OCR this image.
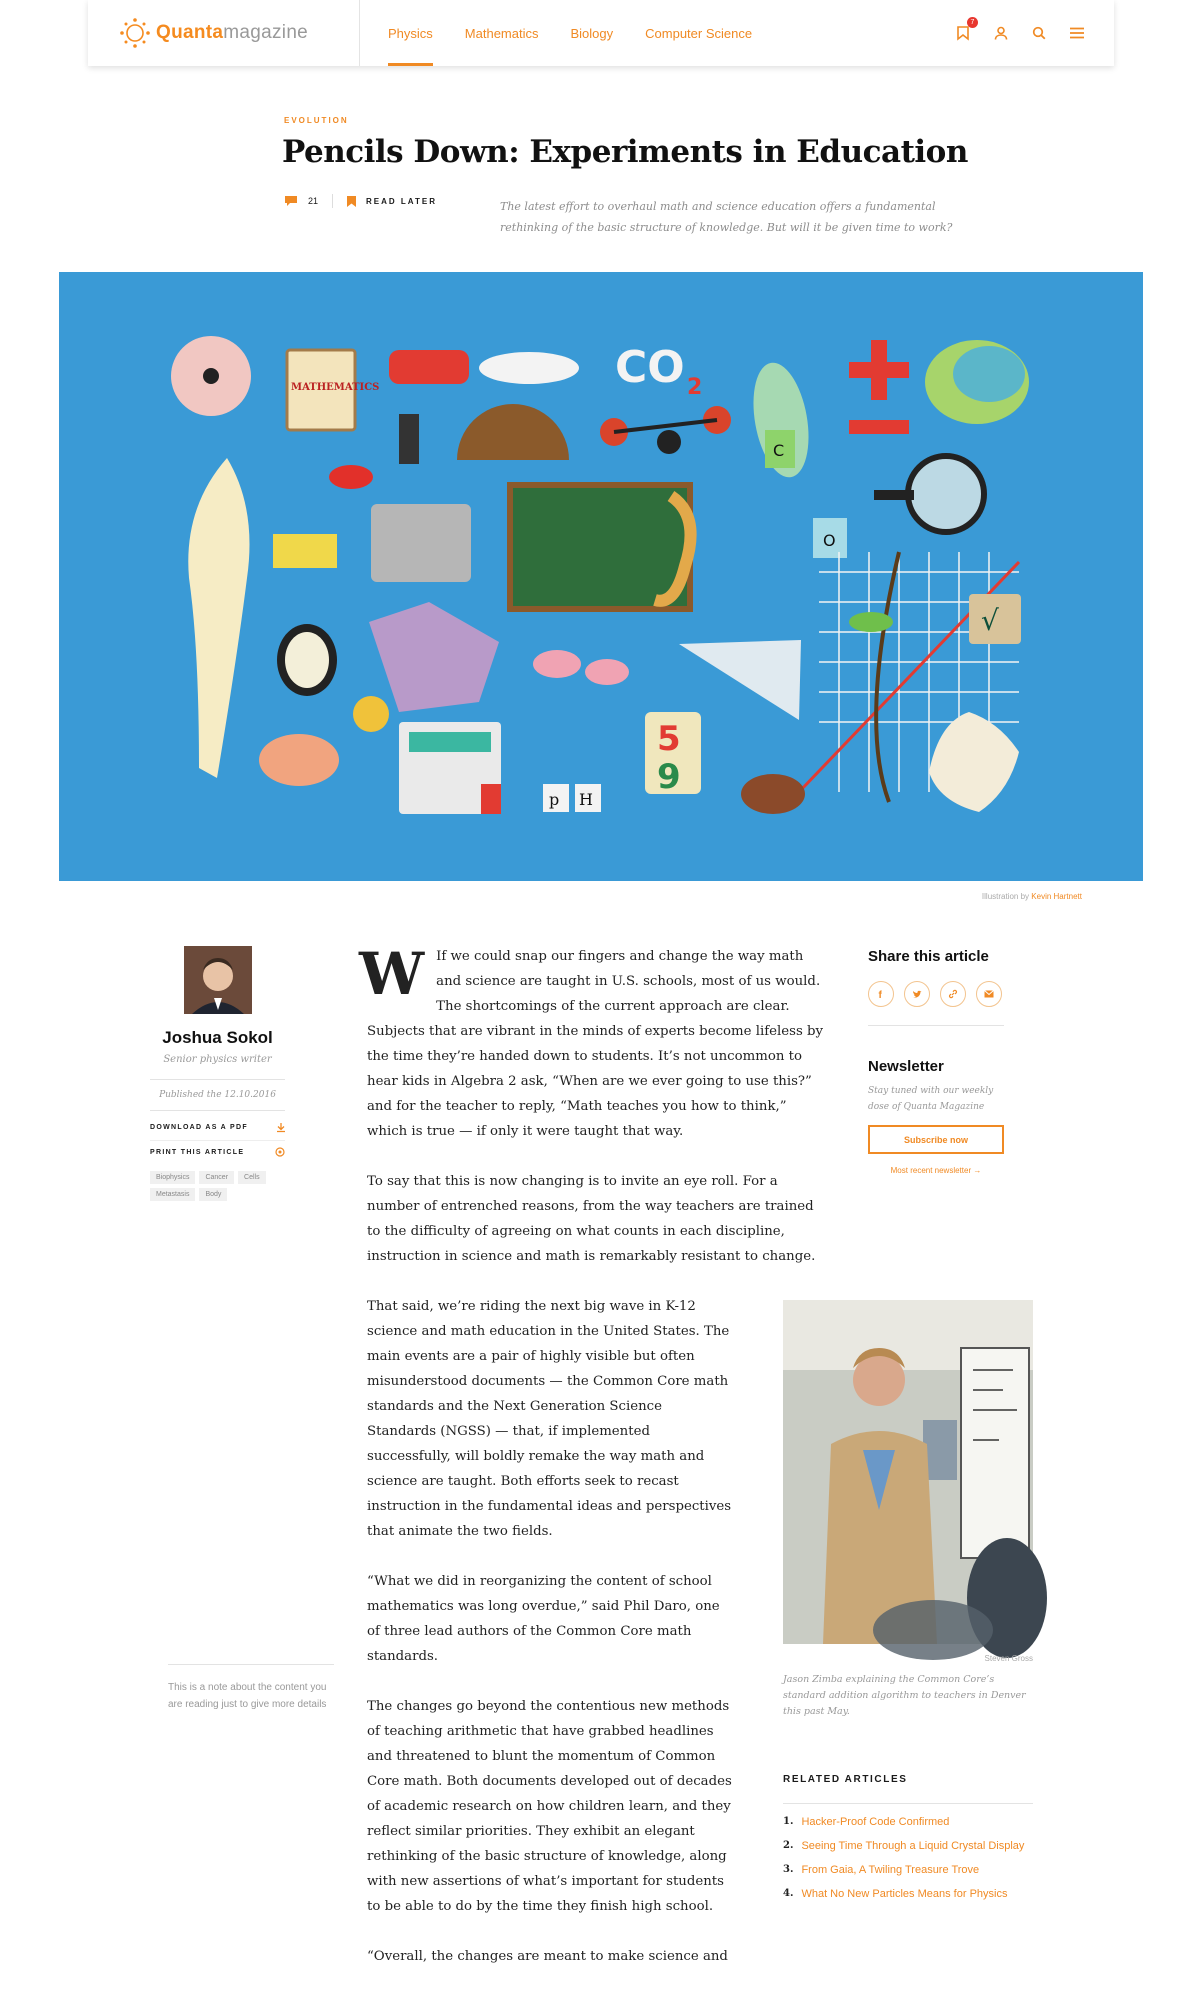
Quantamagazine	Physics Mathematics Biology Computer Science
7
EVOLUTION
Pencils Down: Experiments in Education
21	READ LATER	The latest effort to overhaul math and science education offers a fundamental rethinking of the basic structure of knowledge. But will it be given time to work?

MATHEMATICS	CO 2
C
O
√
p H
5
9
Illustration by Kevin Hartnett
Joshua Sokol
Senior physics writer
Published the 12.10.2016
DOWNLOAD AS A PDF
PRINT THIS ARTICLE
Biophysics	Cancer	Cells
Metastasis	Body
This is a note about the content you are reading just to give more details

W If we could snap our fingers and change the way math and science are taught in U.S. schools, most of us would. The shortcomings of the current approach are clear. Subjects that are vibrant in the minds of experts become lifeless by the time they’re handed down to students. It’s not uncommon to hear kids in Algebra 2 ask, “When are we ever going to use this?” and for the teacher to reply, “Math teaches you how to think,” which is true — if only it were taught that way.

To say that this is now changing is to invite an eye roll. For a number of entrenched reasons, from the way teachers are trained to the difficulty of agreeing on what counts in each discipline, instruction in science and math is remarkably resistant to change.

That said, we’re riding the next big wave in K-12 science and math education in the United States. The main events are a pair of highly visible but often misunderstood documents — the Common Core math standards and the Next Generation Science Standards (NGSS) — that, if implemented successfully, will boldly remake the way math and science are taught. Both efforts seek to recast instruction in the fundamental ideas and perspectives that animate the two fields.

“What we did in reorganizing the content of school mathematics was long overdue,” said Phil Daro, one of three lead authors of the Common Core math standards.

The changes go beyond the contentious new methods of teaching arithmetic that have grabbed headlines and threatened to blunt the momentum of Common Core math. Both documents developed out of decades of academic research on how children learn, and they reflect similar priorities. They exhibit an elegant rethinking of the basic structure of knowledge, along with new assertions of what’s important for students to be able to do by the time they finish high school.

“Overall, the changes are meant to make science and

Share this article
f
Newsletter
Stay tuned with our weekly dose of Quanta Magazine
Subscribe now
Most recent newsletter →
Steven Gross
Jason Zimba explaining the Common Core’s standard addition algorithm to teachers in Denver this past May.
RELATED ARTICLES
1. Hacker-Proof Code Confirmed
2. Seeing Time Through a Liquid Crystal Display
3. From Gaia, A Twiling Treasure Trove
4. What No New Particles Means for Physics
